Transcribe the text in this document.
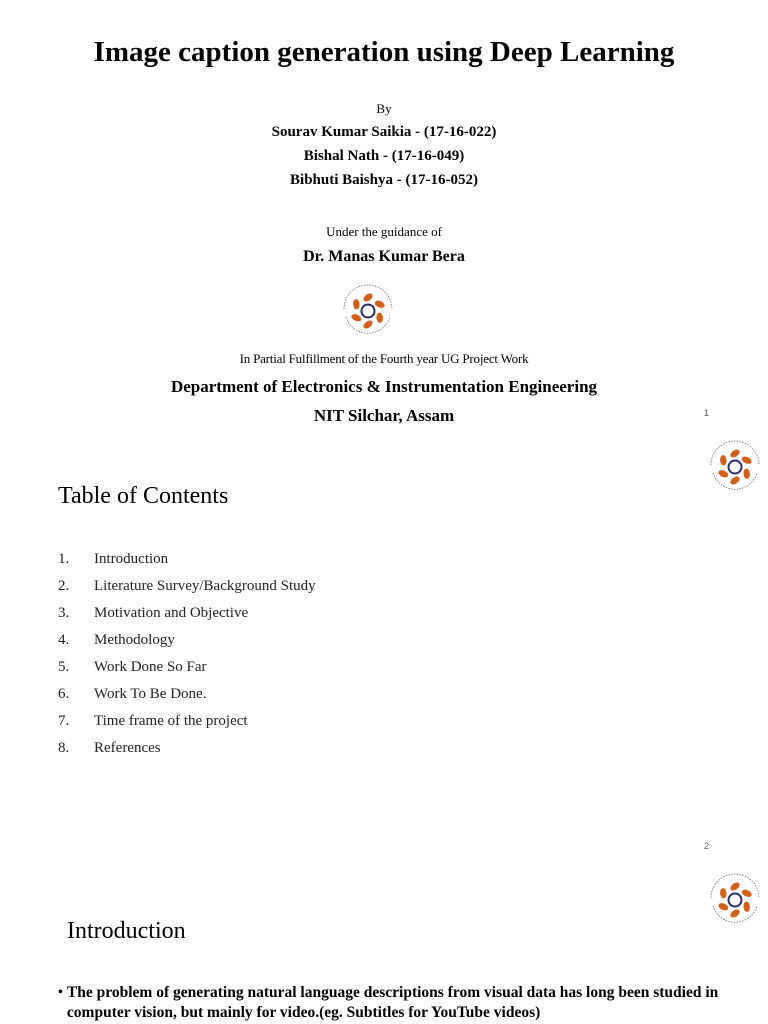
Image caption generation using Deep Learning
By
Sourav Kumar Saikia - (17-16-022)
Bishal Nath - (17-16-049)
Bibhuti Baishya - (17-16-052)
Under the guidance of
Dr. Manas Kumar Bera
In Partial Fulfillment of the Fourth year UG Project Work
Department of Electronics & Instrumentation Engineering
NIT Silchar, Assam	1
Table of Contents
1.	Introduction
2.	Literature Survey/Background Study
3.	Motivation and Objective
4.	Methodology
5.	Work Done So Far
6.	Work To Be Done.
7.	Time frame of the project
8.	References
2
Introduction
• The problem of generating natural language descriptions from visual data has long been studied in computer vision, but mainly for video.(eg. Subtitles for YouTube videos)
